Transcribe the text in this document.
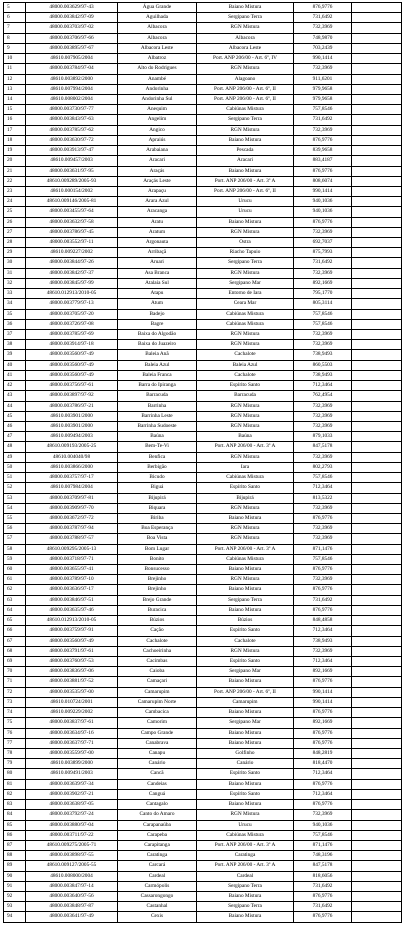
5	48000.003629/97-43	Água Grande	Baiano Mistura	876,9776	
6	48000.003842/97-09	Aguilhada	Sergipano Terra	731,6492	
7	48000.003703/97-02	Albacora	RGN Mistura	732,3969	
8	48000.003706/97-66	Albacora	Albacora	748,9870	
9	48000.003895/97-67	Albacora Leste	Albacora Leste	703,2439	
10	48610.007905/2004	Albatroz	Port. ANP 206/00 - Art. 6º, IV	990,1414	
11	48000.003784/97-04	Alto do Rodrigues	RGN Mistura	732,3969	
12	48610.003892/2000	Anambé	Alagoano	911,6201	
13	48610.007994/2004	Andorinha	Port. ANP 206/00 - Art. 6º, II	979,9658	
14	48610.008002/2004	Andorinha Sul	Port. ANP 206/00 - Art. 6º, II	979,9658	
15	48000.003730/97-77	Anequim	Cabiúnas Mistura	757,8546	
16	48000.003843/97-63	Angelim	Sergipano Terra	731,6492	
17	48000.003785/97-62	Angico	RGN Mistura	732,3969	
18	48000.003630/97-72	Apraiús	Baiano Mistura	876,9776	
19	48000.003913/97-47	Arabaiana	Pescada	839,9658	
20	48610.009457/2003	Aracari	Aracari	883,4187	
21	48000.003631/97-95	Araçás	Baiano Mistura	876,9776	
22	48610.009289/2005-93	Araçás Leste	Port. ANP 206/00 - Art. 3º A	808,6074	
23	48610.000154/2002	Arapaçu	Port. ANP 206/00 - Art. 6º, II	990,1414	
24	48610.009146/2005-81	Arara Azul	Urucu	940,1036	
25	48000.003455/97-64	Aracanga	Urucu	940,1036	
26	48000.003632/97-58	Aratu	Baiano Mistura	876,9776	
27	48000.003786/97-45	Aratum	RGN Mistura	732,3969	
28	48000.003552/97-11	Argonauta	Ostra	692,7037	
29	48610.009227/2002	Arribaçã	Riacho Tapuio	875,7993	
30	48000.003844/97-26	Aruari	Sergipano Terra	731,6492	
31	48000.003842/97-37	Asa Branca	RGN Mistura	732,3969	
32	48000.003845/97-99	Atalaia Sul	Sergipano Mar	892,1669	
33	48610.012913/2010-05	Atapu	Entorno de Iara	795,1770	
34	48000.003779/97-13	Atum	Ceara Mar	805,3114	
35	48000.003705/97-20	Badejo	Cabiúnas Mistura	757,8546	
36	48000.003726/97-08	Bagre	Cabiúnas Mistura	757,8546	
37	48000.003785/97-69	Baixa do Algodão	RGN Mistura	732,3969	
38	48000.003914/97-18	Baixa do Juazeiro	RGN Mistura	732,3969	
39	48000.003560/97-49	Baleia Anã	Cachalote	738,9493	
40	48000.003560/97-49	Baleia Azul	Baleia Azul	860,5503	
41	48000.003560/97-49	Baleia Franca	Cachalote	738,9493	
42	48000.003756/97-61	Barra do Ipiranga	Espírito Santo	712,3464	
43	48000.003897/97-92	Barracuda	Barracuda	762,4954	
44	48000.003786/97-21	Barrinha	RGN Mistura	732,3969	
45	48610.003901/2000	Barrinha Leste	RGN Mistura	732,3969	
46	48610.003901/2000	Barrinha Sudoeste	RGN Mistura	732,3969	
47	48610.009494/2003	Baúna	Baúna	879,1033	
48	48610.009193/2005-25	Bem-Te-Vi	Port. ANP 206/00 - Art. 3º A	847,5178	
49	48610.004040/98	Benfica	RGN Mistura	732,3969	
50	48610.003866/2000	Berbigão	Iara	802,2793	
51	48000.003757/97-17	Bicudo	Cabiúnas Mistura	757,8546	
52	48610.007984/2004	Biguá	Espírito Santo	712,3464	
53	48000.003709/97-81	Bijupirá	Bijupirá	813,5322	
54	48000.003909/97-70	Biquara	RGN Mistura	732,3969	
55	48000.003672/97-72	Biriba	Baiano Mistura	876,9776	
56	48000.003787/97-94	Boa Esperança	RGN Mistura	732,3969	
57	48000.003788/97-57	Boa Vista	RGN Mistura	732,3969	
58	48610.009295/2005-13	Bom Lugar	Port. ANP 206/00 - Art. 3º A	871,1476	
59	48000.003718/97-71	Bonito	Cabiúnas Mistura	757,8546	
60	48000.003655/97-41	Bonsucesso	Baiano Mistura	876,9776	
61	48000.003789/97-10	Brejinho	RGN Mistura	732,3969	
62	48000.003636/97-17	Brejinho	Baiano Mistura	876,9776	
63	48000.003846/97-51	Brejo Grande	Sergipano Terra	731,6492	
64	48000.003635/97-46	Buracica	Baiano Mistura	876,9776	
65	48610.012913/2010-05	Búzios	Búzios	848,4858	
66	48000.003759/97-91	Cação	Espírito Santo	712,3464	
67	48000.003560/97-49	Cachalote	Cachalote	738,9493	
68	48000.003791/97-61	Cachoeirinha	RGN Mistura	732,3969	
69	48000.003760/97-53	Cacimbas	Espírito Santo	712,3464	
70	48000.003836/97-06	Caioba	Sergipano Mar	892,1669	
71	48000.003881/97-52	Camaçari	Baiano Mistura	876,9776	
72	48000.003535/97-00	Camarupim	Port. ANP 206/00 - Art. 6º, II	990,1414	
73	48610.010724/2001	Camarupim Norte	Camarupim	990,1414	
74	48610.009229/2002	Cambacica	Baiano Mistura	876,9776	
75	48000.003837/97-61	Camorim	Sergipano Mar	892,1669	
76	48000.003634/97-16	Campo Grande	Baiano Mistura	876,9776	
77	48000.003637/97-71	Canabrava	Baiano Mistura	876,9776	
78	48000.003559/97-00	Canapu	Golfinho	848,2819	
79	48610.003899/2000	Canário	Canário	818,4470	
80	48610.009491/2003	Cancã	Espírito Santo	712,3464	
81	48000.003639/97-34	Candeias	Baiano Mistura	876,9776	
82	48000.003902/97-21	Canguá	Espírito Santo	712,3464	
83	48000.003638/97-05	Cantagalo	Baiano Mistura	876,9776	
84	48000.003792/97-24	Canto do Amaro	RGN Mistura	732,3969	
85	48000.003880/97-04	Carapanaúba	Urucu	940,1036	
86	48000.003711/97-22	Carapeba	Cabiúnas Mistura	757,8546	
87	48610.009275/2005-71	Carapitanga	Port. ANP 206/00 - Art. 3º A	871,1476	
88	48000.003898/97-55	Caratinga	Caratinga	748,3196	
89	48610.009127/2005-55	Carcará	Port. ANP 206/00 - Art. 3º A	847,5178	
90	48610.008000/2004	Cardeal	Cardeal	818,6056	
91	48000.003847/97-14	Carmópolis	Sergipano Terra	731,6492	
92	48000.003640/97-56	Cassarongongo	Baiano Mistura	876,9776	
93	48000.003848/97-87	Castanhal	Sergipano Terra	731,6492	
94	48000.003641/97-49	Cexis	Baiano Mistura	876,9776	
